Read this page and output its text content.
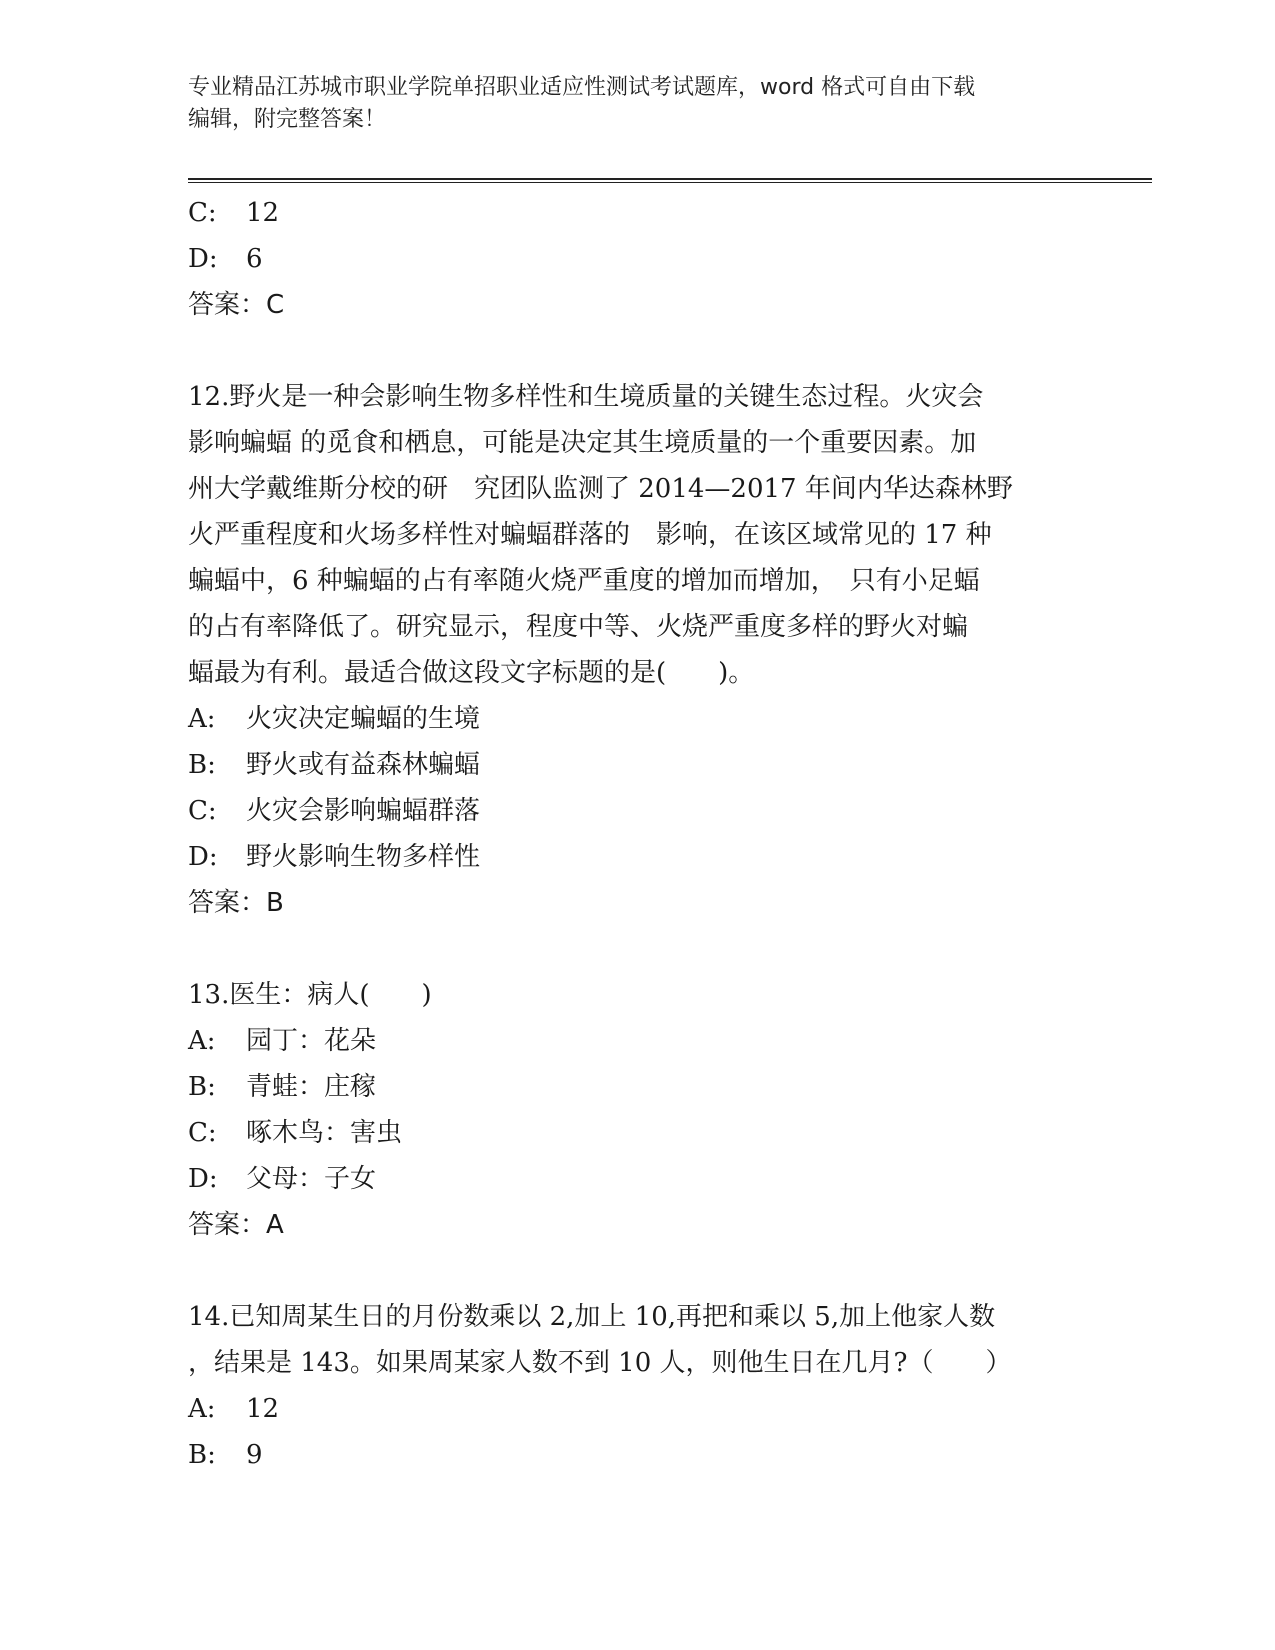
专业精品江苏城市职业学院单招职业适应性测试考试题库，word 格式可自由下载
编辑，附完整答案！
C: 12
D: 6
答案：C
12.野火是一种会影响生物多样性和生境质量的关键生态过程。火灾会
影响蝙蝠 的觅食和栖息，可能是决定其生境质量的一个重要因素。加
州大学戴维斯分校的研　究团队监测了 2014—2017 年间内华达森林野
火严重程度和火场多样性对蝙蝠群落的　影响，在该区域常见的 17 种
蝙蝠中，6 种蝙蝠的占有率随火烧严重度的增加而增加，　只有小足蝠
的占有率降低了。研究显示，程度中等、火烧严重度多样的野火对蝙
蝠最为有利。最适合做这段文字标题的是(　　)。
A: 火灾决定蝙蝠的生境
B: 野火或有益森林蝙蝠
C: 火灾会影响蝙蝠群落
D: 野火影响生物多样性
答案：B
13.医生：病人(　　)
A: 园丁：花朵
B: 青蛙：庄稼
C: 啄木鸟：害虫
D: 父母：子女
答案：A
14.已知周某生日的月份数乘以 2,加上 10,再把和乘以 5,加上他家人数
，结果是 143。如果周某家人数不到 10 人，则他生日在几月?（　　）
A: 12
B: 9
